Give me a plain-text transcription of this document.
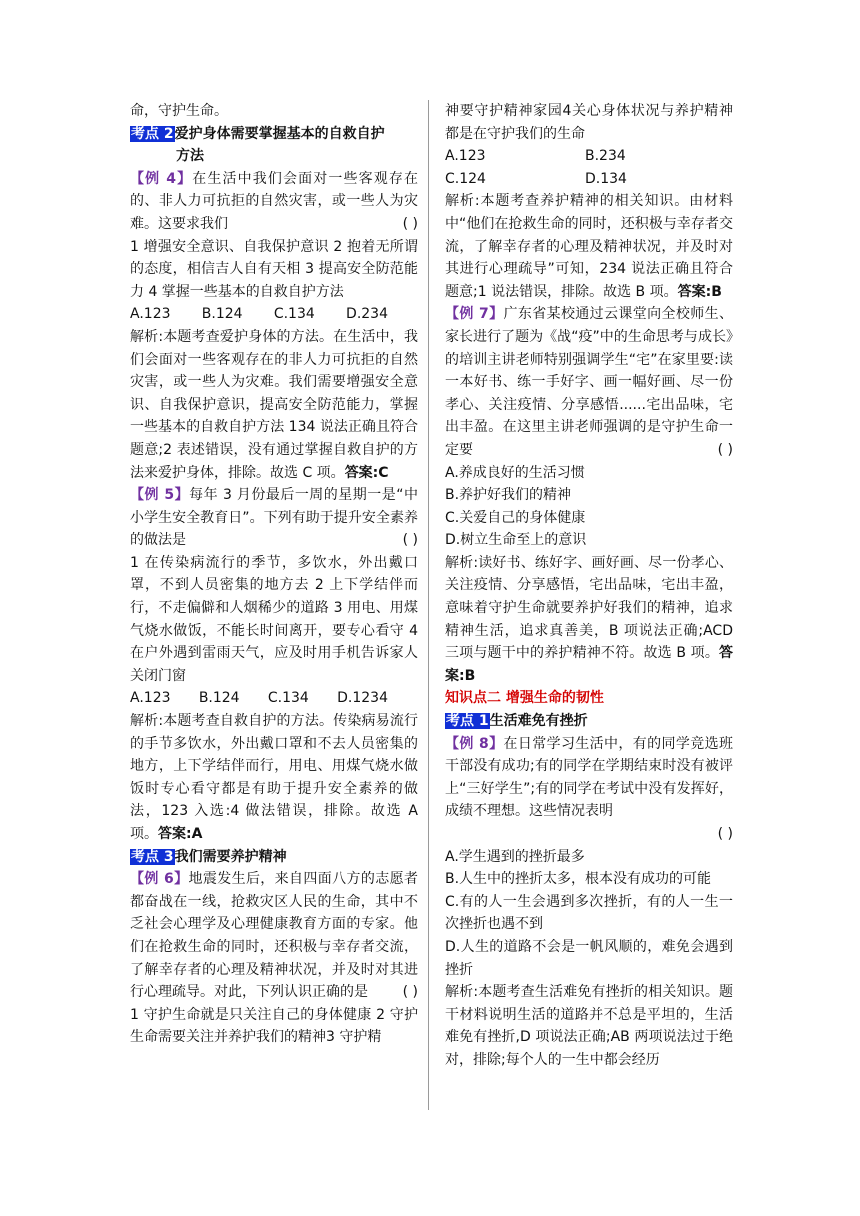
命，守护生命。

考点 2爱护身体需要掌握基本的自救自护
方法

【例 4】在生活中我们会面对一些客观存在的、非人力可抗拒的自然灾害，或一些人为灾难。这要求我们	( )

1 增强安全意识、自我保护意识 2 抱着无所谓的态度，相信吉人自有天相 3 提高安全防范能力 4 掌握一些基本的自救自护方法

A.123 B.124 C.134 D.234

解析:本题考查爱护身体的方法。在生活中，我们会面对一些客观存在的非人力可抗拒的自然灾害，或一些人为灾难。我们需要增强安全意识、自我保护意识，提高安全防范能力，掌握一些基本的自救自护方法 134 说法正确且符合题意;2 表述错误，没有通过掌握自救自护的方法来爱护身体，排除。故选 C 项。答案:C

【例 5】每年 3 月份最后一周的星期一是“中小学生安全教育日”。下列有助于提升安全素养的做法是	( )

1 在传染病流行的季节，多饮水，外出戴口罩，不到人员密集的地方去 2 上下学结伴而行，不走偏僻和人烟稀少的道路 3 用电、用煤气烧水做饭，不能长时间离开，要专心看守 4 在户外遇到雷雨天气，应及时用手机告诉家人关闭门窗

A.123 B.124 C.134 D.1234

解析:本题考查自救自护的方法。传染病易流行的手节多饮水，外出戴口罩和不去人员密集的地方，上下学结伴而行，用电、用煤气烧水做饭时专心看守都是有助于提升安全素养的做法，123 入选:4 做法错误，排除。故选 A 项。答案:A

考点 3我们需要养护精神

【例 6】地震发生后，来自四面八方的志愿者都奋战在一线，抢救灾区人民的生命，其中不乏社会心理学及心理健康教育方面的专家。他们在抢救生命的同时，还积极与幸存者交流，了解幸存者的心理及精神状况，并及时对其进行心理疏导。对此，下列认识正确的是 ( )

1 守护生命就是只关注自己的身体健康 2 守护生命需要关注并养护我们的精神3 守护精

神要守护精神家园4关心身体状况与养护精神都是在守护我们的生命

A.123	B.234
C.124	D.134

解析:本题考查养护精神的相关知识。由材料中“他们在抢救生命的同时，还积极与幸存者交流，了解幸存者的心理及精神状况，并及时对其进行心理疏导”可知，234 说法正确且符合题意;1 说法错误，排除。故选 B 项。答案:B

【例 7】广东省某校通过云课堂向全校师生、家长进行了题为《战“疫”中的生命思考与成长》的培训主讲老师特别强调学生“宅”在家里要:读一本好书、练一手好字、画一幅好画、尽一份孝心、关注疫情、分享感悟......宅出品味，宅出丰盈。在这里主讲老师强调的是守护生命一定要	( )

A.养成良好的生活习惯

B.养护好我们的精神

C.关爱自己的身体健康

D.树立生命至上的意识

解析:读好书、练好字、画好画、尽一份孝心、关注疫情、分享感悟，宅出品味，宅出丰盈，意味着守护生命就要养护好我们的精神，追求精神生活，追求真善美，B 项说法正确;ACD 三项与题干中的养护精神不符。故选 B 项。答案:B

知识点二 增强生命的韧性

考点 1生活难免有挫折

【例 8】在日常学习生活中，有的同学竞选班干部没有成功;有的同学在学期结束时没有被评上“三好学生”;有的同学在考试中没有发挥好，成绩不理想。这些情况表明

( )

A.学生遇到的挫折最多

B.人生中的挫折太多，根本没有成功的可能

C.有的人一生会遇到多次挫折，有的人一生一次挫折也遇不到

D.人生的道路不会是一帆风顺的，难免会遇到挫折

解析:本题考查生活难免有挫折的相关知识。题干材料说明生活的道路并不总是平坦的，生活难免有挫折,D 项说法正确;AB 两项说法过于绝对，排除;每个人的一生中都会经历
